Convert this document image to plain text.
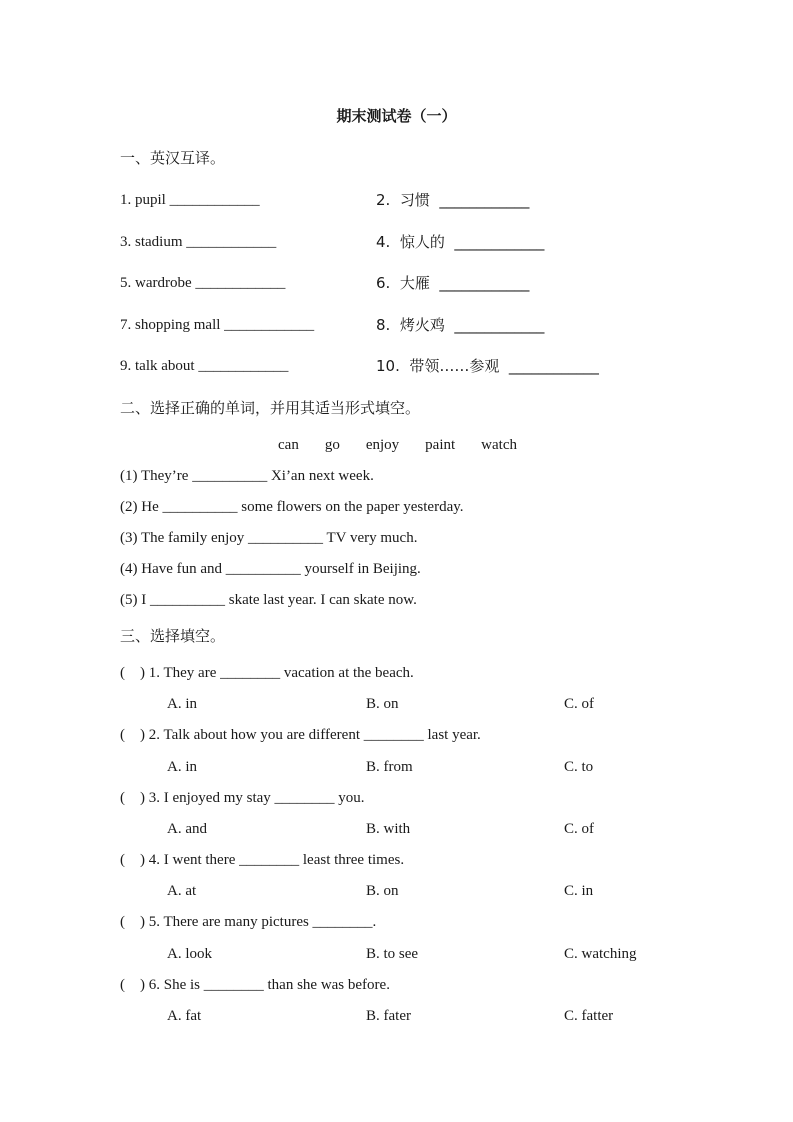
期末测试卷（一）
一、英汉互译。
1. pupil ____________	2.  习惯  ____________
3. stadium ____________	4.  惊人的  ____________
5. wardrobe ____________	6.  大雁  ____________
7. shopping mall ____________	8.  烤火鸡  ____________
9. talk about ____________	10.  带领……参观  ____________
二、选择正确的单词，并用其适当形式填空。
can go enjoy paint watch
(1) They’re __________ Xi’an next week.
(2) He __________ some flowers on the paper yesterday.
(3) The family enjoy __________ TV very much.
(4) Have fun and __________ yourself in Beijing.
(5) I __________ skate last year. I can skate now.
三、选择填空。
(    ) 1. They are ________ vacation at the beach.
A. in	B. on	C. of
(    ) 2. Talk about how you are different ________ last year.
A. in	B. from	C. to
(    ) 3. I enjoyed my stay ________ you.
A. and	B. with	C. of
(    ) 4. I went there ________ least three times.
A. at	B. on	C. in
(    ) 5. There are many pictures ________.
A. look	B. to see	C. watching
(    ) 6. She is ________ than she was before.
A. fat	B. fater	C. fatter
